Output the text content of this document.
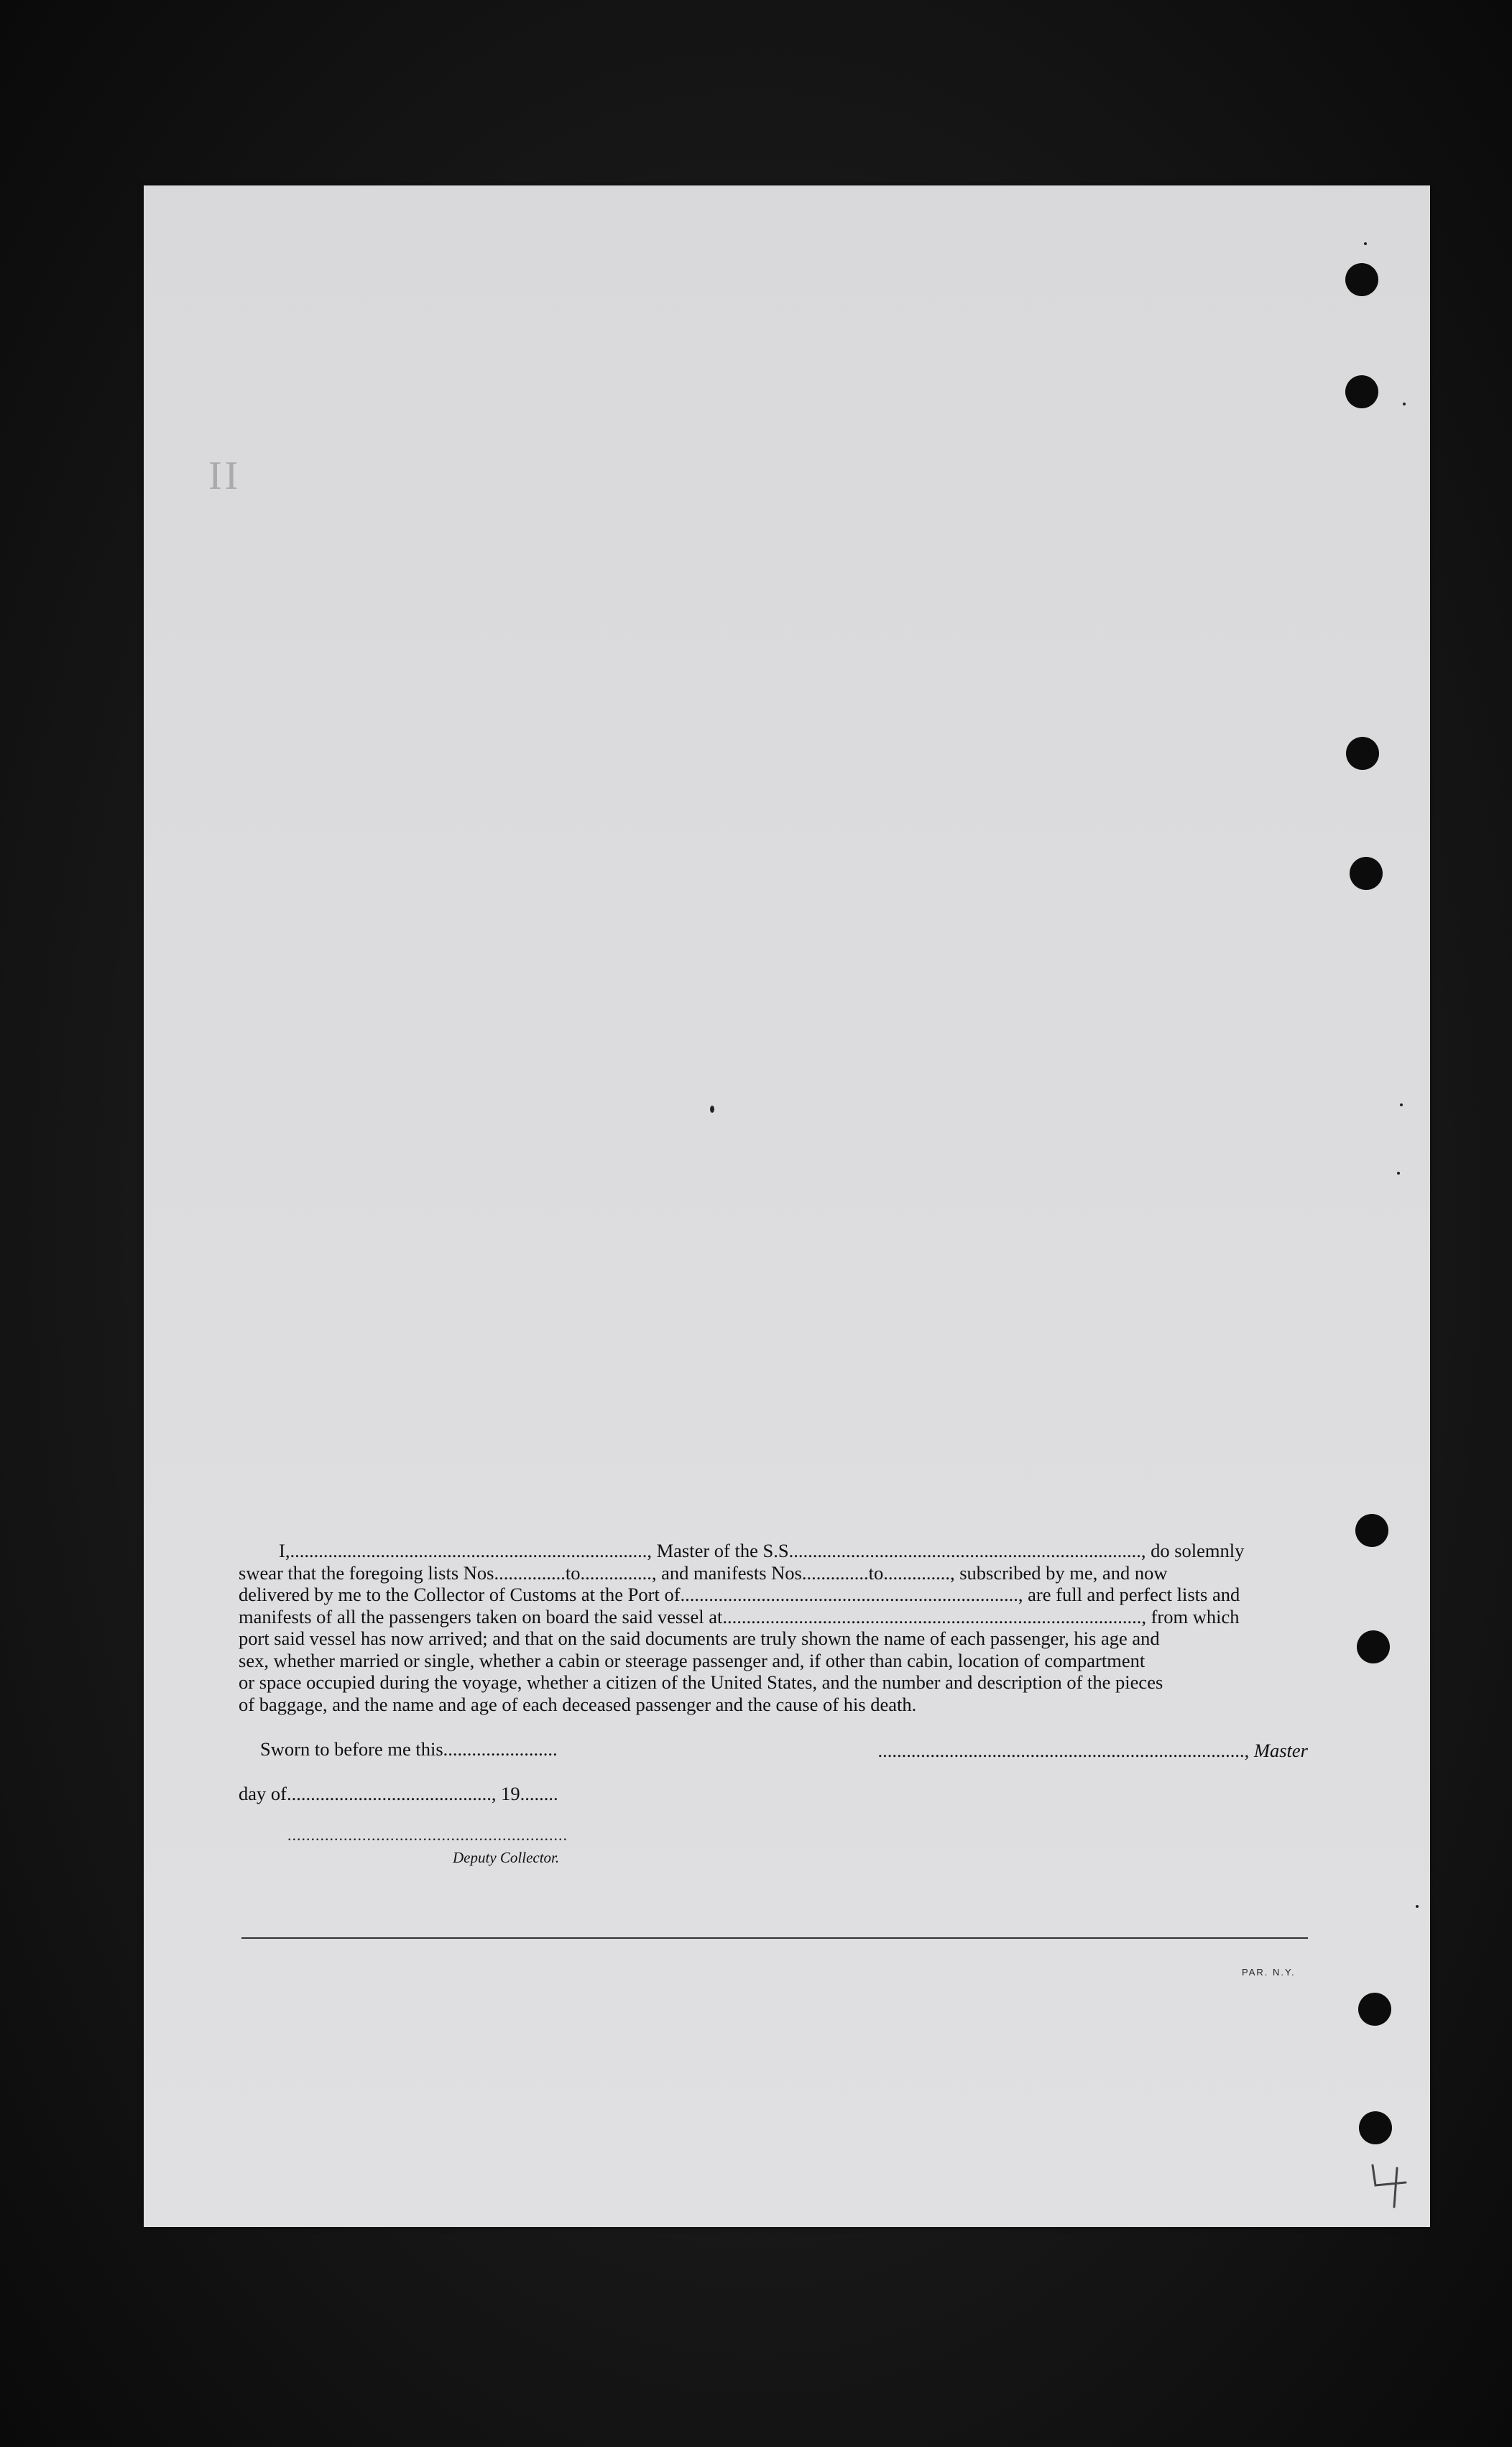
II
I,..........................................................................., Master of the S.S.........................................................................., do solemnly
swear that the foregoing lists Nos...............to..............., and manifests Nos..............to.............., subscribed by me, and now
delivered by me to the Collector of Customs at the Port of......................................................................., are full and perfect lists and
manifests of all the passengers taken on board the said vessel at........................................................................................, from which
port said vessel has now arrived; and that on the said documents are truly shown the name of each passenger, his age and
sex, whether married or single, whether a cabin or steerage passenger and, if other than cabin, location of compartment
or space occupied during the voyage, whether a citizen of the United States, and the number and description of the pieces
of baggage, and the name and age of each deceased passenger and the cause of his death.
Sworn to before me this........................	............................................................................., Master
day of..........................................., 19........
............................................................
Deputy Collector.
PAR. N.Y.
